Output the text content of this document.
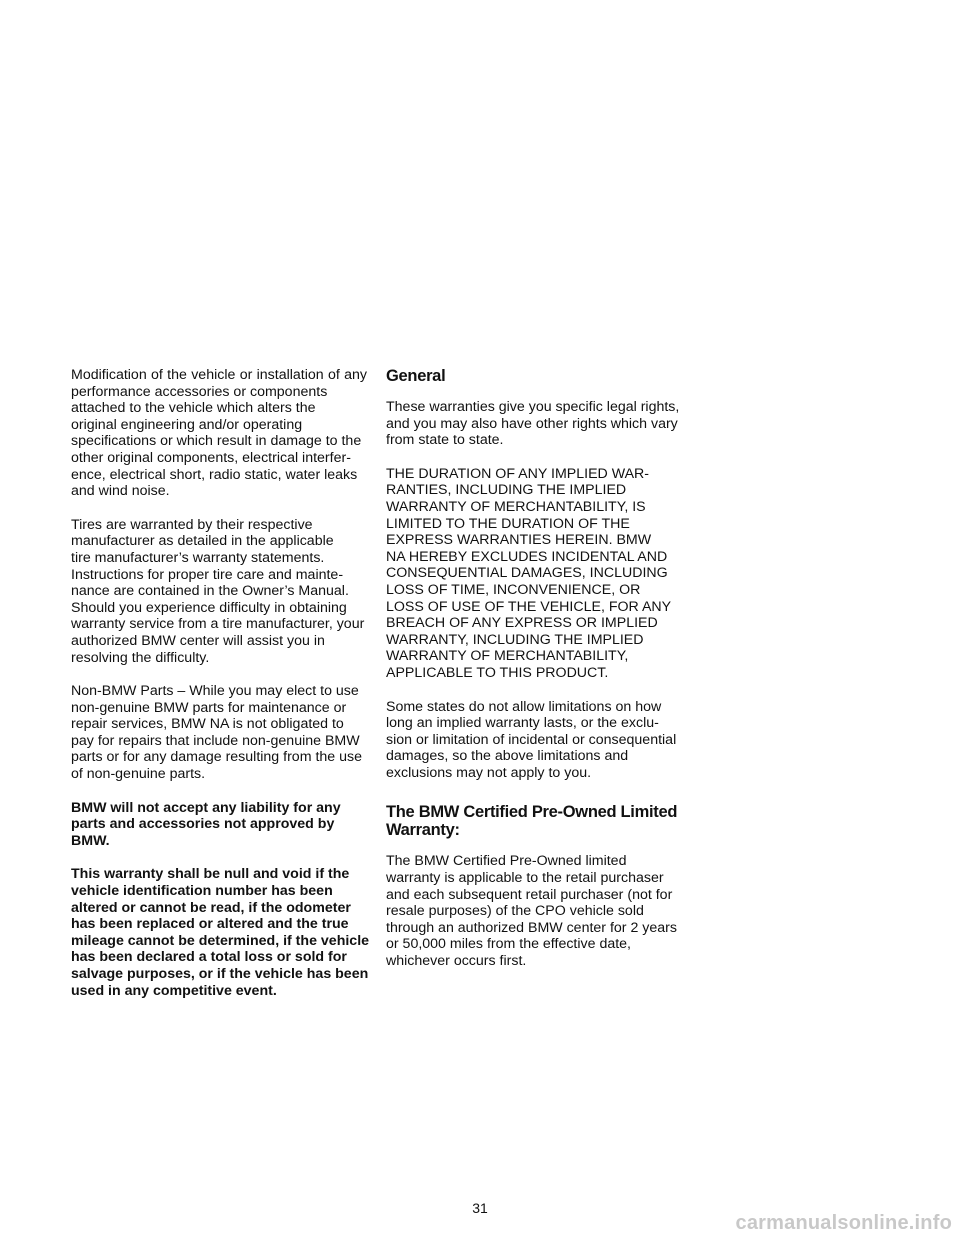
Modification of the vehicle or installation of any
performance accessories or components
attached to the vehicle which alters the
original engineering and/or operating
specifications or which result in damage to the
other original components, electrical interfer-
ence, electrical short, radio static, water leaks
and wind noise.

Tires are warranted by their respective
manufacturer as detailed in the applicable
tire manufacturer’s warranty statements.
Instructions for proper tire care and mainte-
nance are contained in the Owner’s Manual.
Should you experience difficulty in obtaining
warranty service from a tire manufacturer, your
authorized BMW center will assist you in
resolving the difficulty.

Non-BMW Parts – While you may elect to use
non-genuine BMW parts for maintenance or
repair services, BMW NA is not obligated to
pay for repairs that include non-genuine BMW
parts or for any damage resulting from the use
of non-genuine parts.

BMW will not accept any liability for any
parts and accessories not approved by
BMW.

This warranty shall be null and void if the
vehicle identification number has been
altered or cannot be read, if the odometer
has been replaced or altered and the true
mileage cannot be determined, if the vehicle
has been declared a total loss or sold for
salvage purposes, or if the vehicle has been
used in any competitive event.

General

These warranties give you specific legal rights,
and you may also have other rights which vary
from state to state.

THE DURATION OF ANY IMPLIED WAR-
RANTIES, INCLUDING THE IMPLIED
WARRANTY OF MERCHANTABILITY, IS
LIMITED TO THE DURATION OF THE
EXPRESS WARRANTIES HEREIN. BMW
NA HEREBY EXCLUDES INCIDENTAL AND
CONSEQUENTIAL DAMAGES, INCLUDING
LOSS OF TIME, INCONVENIENCE, OR
LOSS OF USE OF THE VEHICLE, FOR ANY
BREACH OF ANY EXPRESS OR IMPLIED
WARRANTY, INCLUDING THE IMPLIED
WARRANTY OF MERCHANTABILITY,
APPLICABLE TO THIS PRODUCT.

Some states do not allow limitations on how
long an implied warranty lasts, or the exclu-
sion or limitation of incidental or consequential
damages, so the above limitations and
exclusions may not apply to you.

The BMW Certified Pre-Owned Limited
Warranty:

The BMW Certified Pre-Owned limited
warranty is applicable to the retail purchaser
and each subsequent retail purchaser (not for
resale purposes) of the CPO vehicle sold
through an authorized BMW center for 2 years
or 50,000 miles from the effective date,
whichever occurs first.

31
carmanualsonline.info
